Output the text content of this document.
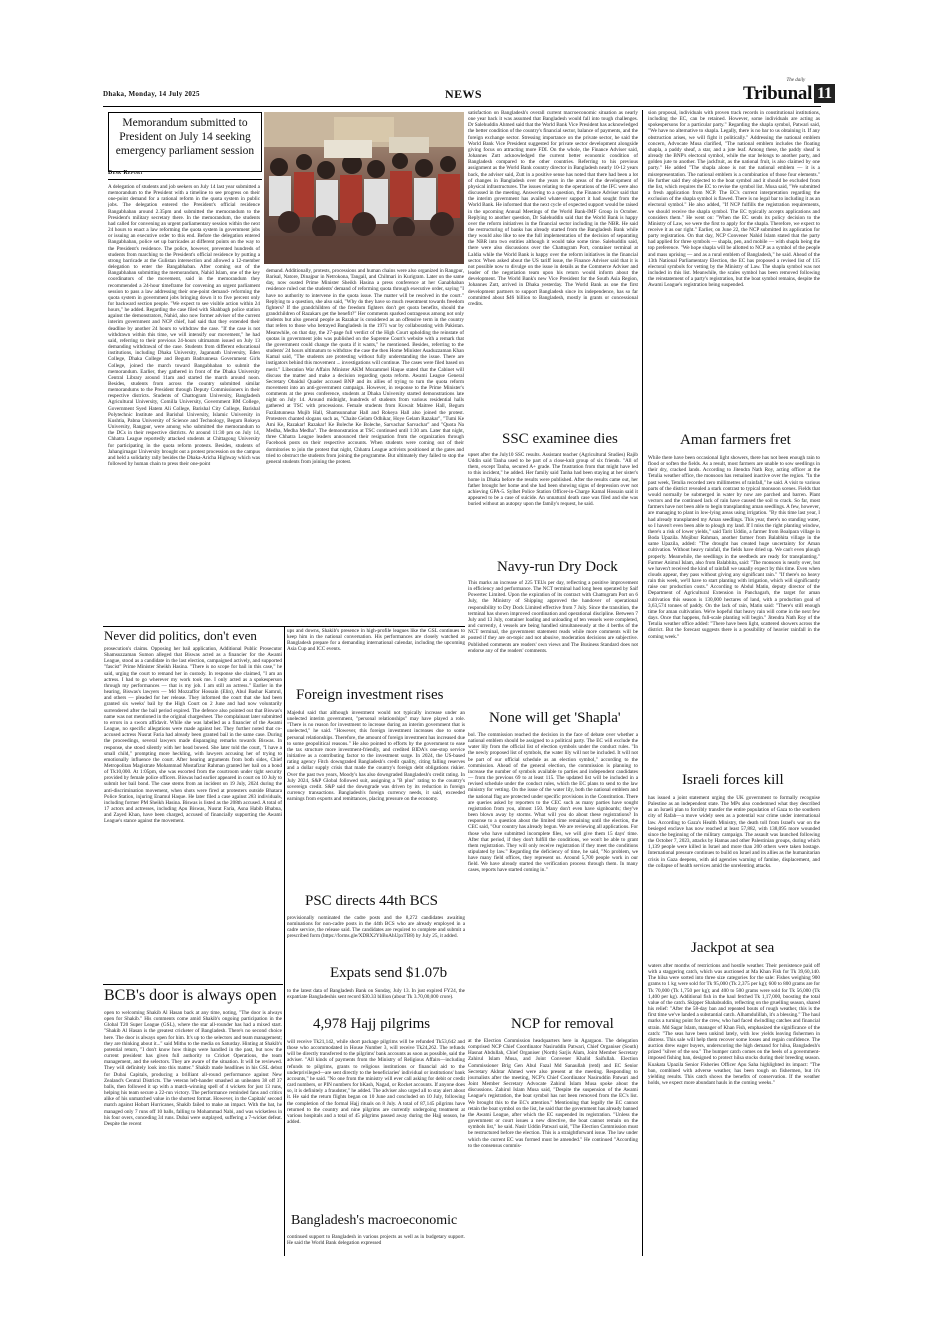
Dhaka, Monday, 14 July 2025	NEWS
The daily
Tribunal 11
Memorandum submitted to President on July 14 seeking emergency parliament session
Desk Report
A delegation of students and job seekers on July 14 last year submitted a memorandum to the President with a timeline to see progress on their one-point demand for a rational reform in the quota system in public jobs. The delegation entered the President's official residence Bangabhaban around 2.35pm and submitted the memorandum to the President's military secretary there. In the memorandum, the students had called for convening an urgent parliamentary session within the next 24 hours to enact a law reforming the quota system in government jobs or issuing an executive order to this end. Before the delegation entered Bangabhaban, police set up barricades at different points on the way to the President's residence. The police, however, prevented hundreds of students from marching to the President's official residence by putting a strong barricade at the Gulistan intersection and allowed a 12-member delegation to enter the Bangabhaban. After coming out of the Bangabhaban submitting the memorandum, Nahid Islam, one of the key coordinators of the movement, said in the memorandum they recommended a 24-hour timeframe for convening an urgent parliament session to pass a law addressing their one-point demand- reforming the quota system in government jobs bringing down it to five percent only for backward section people. "We expect to see visible action within 24 hours," he added. Regarding the case filed with Shahbagh police station against the demonstrators, Nahid, also now former adviser of the current interim government and NCP chief, had said that they extended their deadline by another 24 hours to withdraw the case. "If the case is not withdrawn within this time, we will intensify our movement," he had said, referring to their previous 24-hours ultimatum issued on July 13 demanding withdrawal of the case. Students from different educational institutions, including Dhaka University, Jagannath University, Eden College, Dhaka College and Begum Badrunnesa Government Girls College, joined the march toward Bangabhaban to submit the memorandum. Earlier, they gathered in front of the Dhaka University Central Library around 11am and started the march around noon. Besides, students from across the country submitted similar memorandums to the President through Deputy Commissioners in their respective districts. Students of Chattogram University, Bangladesh Agricultural University, Comilla University, Government BM College, Government Syed Hatem Ali College, Barishal City College, Barishal Polytechnic Institute and Barishal University, Islamic University in Kushtia, Pabna University of Science and Technology, Begum Rokeya University, Rangpur, were among who submitted the memorandum to the DCs in their respective districts. At around 11:30 pm on July 14, Chhatra League reportedly attacked students at Chittagong University for participating in the quota reform protests. Besides, students of Jahangirnagar University brought out a protest procession on the campus and held a solidarity rally besides the Dhaka-Aricha Highway which was followed by human chain to press their one-point
demand. Additionally, protests, processions and human chains were also organized in Rangpur, Barisal, Natore, Dinajpur in Netrokona, Tangail, and Chilmari in Kurigram. Later on the same day, now ousted Prime Minister Sheikh Hasina a press conference at her Ganabhaban residence ruled out the students' demand of reforming quota through executive order, saying "I have no authority to intervene in the quota issue. The matter will be resolved in the court." Replying to a question, she also said, "Why do they have so much resentment towards freedom fighters? If the grandchildren of the freedom fighters don't get quota benefits, should the grandchildren of Razakars get the benefit?" Her comments sparked outrageous among not only students but also general people as Razakar is considered as an offensive term in the country that refers to those who betrayed Bangladesh in the 1971 war by collaborating with Pakistan. Meanwhile, on that day, the 27-page full verdict of the High Court upholding the reinstate of quotas in government jobs was published on the Supreme Court's website with a remark that the government could change the quota if it wants," he mentioned. Besides, referring to the students' 24 hours ultimatum to withdraw the case the then Home Minister Asaduzzaman Khan Kamal said, "The students are protesting without fully understanding the issue. There are instigators behind this movement ... investigations will continue. The cases were filed based on merit." Liberation War Affairs Minister AKM Mozammel Haque stated that the Cabinet will discuss the matter and make a decision regarding quota reform. Awami League General Secretary Obaidul Quader accused BNP and its allies of trying to turn the quota reform movement into an anti-government campaign. However, in response to the Prime Minister's comments at the press conference, students at Dhaka University started demonstrations late night on July 14. Around midnight, hundreds of students from various residential halls gathered at TSC with processions. Female students from Kuwait Maitree Hall, Begum Fazilatunnesa Mujib Hall, Shamsunnahar Hall and Rokeya Hall also joined the protest. Protesters chanted slogans such as, "Chaite Gelam Odhikar, Hoye Gelam Razakar", "Tumi Ke Ami Ke, Razakar! Razakar! Ke Boleche Ke Boleche, Sarvachar Sarvachar" and "Quota Na Medha, Medha Medha". The demonstration at TSC continued until 1:30 am. Later that night, three Chhatra League leaders announced their resignation from the organization through Facebook posts on their respective accounts. When students were coming out of their dormitories to join the protest that night, Chhatra League activists positioned at the gates and tried to obstruct the students from joining the programme. But ultimately they failed to stop the general students from joining the protest.
Never did politics, don't even
prosecution's claims. Opposing her bail application, Additional Public Prosecutor Shamsuzzaman Sumon alleged that Biswas acted as a financier for the Awami League, stood as a candidate in the last election, campaigned actively, and supported "fascist" Prime Minister Sheikh Hasina. "There is no scope for bail in this case," he said, urging the court to remand her in custody. In response she claimed, "I am an actress. I had to go wherever my work took me. I only acted as a spokesperson through my performances — that is my job. I am still an actress." Earlier in the hearing, Biswas's lawyers — Md Mozzaffor Hossain (Elin), Abul Bashar Kamrul, and others — pleaded for her release. They informed the court that she had been granted six weeks' bail by the High Court on 2 June and had now voluntarily surrendered after the bail period expired. The defence also pointed out that Biswas's name was not mentioned in the original chargesheet. The complainant later submitted to errors in a sworn affidavit. While she was labelled as a financier of the Awami League, no specific allegations were made against her. They further noted that co-accused actress Nusrat Faria had already been granted bail in the same case. During the proceedings, several lawyers made disparaging remarks towards Biswas. In response, she stood silently with her head bowed. She later told the court, "I have a small child," prompting more heckling, with lawyers accusing her of trying to emotionally influence the court. After hearing arguments from both sides, Chief Metropolitan Magistrate Mohammad Mostafizur Rahman granted her bail on a bond of Tk10,000. At 1:05pm, she was escorted from the courtroom under tight security provided by female police officers. Biswas had earlier appeared in court on 10 July to submit her bail bond. The case stems from an incident on 19 July, 2024 during the anti-discrimination movement, when shots were fired at protesters outside Bhatara Police Station, injuring Enamul Haque. He later filed a case against 283 individuals, including former PM Sheikh Hasina. Biswas is listed as the 208th accused. A total of 17 actors and actresses, including Apu Biswas, Nusrat Faria, Asna Habib Bhabna, and Zayed Khan, have been charged, accused of financially supporting the Awami League's stance against the movement.
BCB's door is always open
open to welcoming Shakib Al Hasan back at any time, noting, "The door is always open for Shakib." His comments come amid Shakib's ongoing participation in the Global T20 Super League (GSL), where the star all-rounder has had a mixed start. "Shakib Al Hasan is the greatest cricketer of Bangladesh. There's no second choice here. The door is always open for him. It's up to the selectors and team management; they are thinking about it..." said Mithu to the media on Saturday. Hinting at Shakib's potential return, "I don't know how things were handled in the past, but now the current president has given full authority to Cricket Operations, the team management, and the selectors. They are aware of the situation. It will be reviewed. They will definitely look into this matter." Shakib made headlines in his GSL debut for Dubai Capitals, producing a brilliant all-round performance against New Zealand's Central Districts. The veteran left-hander smashed an unbeaten 38 off 37 balls, then followed it up with a match-winning spell of 4 wickets for just 13 runs, helping his team secure a 22-run victory. The performance reminded fans and critics alike of his unmatched value in the shortest format. However, in the Capitals' second match against Hobart Hurricanes, Shakib failed to make an impact. With the bat, he managed only 7 runs off 10 balls, falling to Mohammad Nabi, and was wicketless in his four overs, conceding 34 runs. Dubai were outplayed, suffering a 7-wicket defeat. Despite the recent
ups and downs, Shakib's presence in high-profile leagues like the GSL continues to keep him in the national conversation. His performances are closely watched as Bangladesh prepare for a demanding international calendar, including the upcoming Asia Cup and ICC events.
Foreign investment rises
Majedul said that although investment would not typically increase under an unelected interim government, "personal relationships" may have played a role. "There is no reason for investment to increase during an interim government that is unelected," he said. "However, this foreign investment increases due to some personal relationships. Therefore, the amount of foreign investment has increased due to some geopolitical reasons." He also pointed to efforts by the government to ease the tax structure more investment-friendly, and credited BIDA's one-stop service initiative as a contributing factor to the investment surge. In 2024, the US-based rating agency Fitch downgraded Bangladesh's credit quality, citing falling reserves and a dollar supply crisis that made the country's foreign debt obligations riskier. Over the past two years, Moody's has also downgraded Bangladesh's credit rating. In July 2024, S&P Global followed suit, assigning a "B plus" rating to the country's sovereign credit. S&P said the downgrade was driven by its reduction in foreign currency transactions. Bangladesh's foreign currency needs, it said, exceeded earnings from exports and remittances, placing pressure on the economy.
PSC directs 44th BCS
provisionally nominated the cadre posts and the 8,272 candidates awaiting nominations for non-cadre posts in the 44th BCS who are already employed in a cadre service, the release said. The candidates are required to complete and submit a prescribed form (https://forms.gle/XDRX2YbBoAhUpxTB8) by July 25, it added.
Expats send $1.07b
to the latest data of Bangladesh Bank on Sunday, July 13. In just expired FY24, the expatriate Bangladeshis sent record $30.33 billion (about Tk 3.70,00,000 crore).
4,978 Hajj pilgrims
will receive Tk21,142, while short package pilgrims will be refunded Tk53,642 and those who accommodated in House Number 3, will receive Tk24,262. The refunds will be directly transferred to the pilgrims' bank accounts as soon as possible, said the adviser. "All kinds of payments from the Ministry of Religious Affairs—including refunds to pilgrims, grants to religious institutions or financial aid to the underprivileged—are sent directly to the beneficiaries' individual or institutions' bank accounts," he said. "No one from the ministry will ever call asking for debit or credit card numbers, or PIN numbers for bKash, Nagad, or Rocket accounts. If anyone does so, it is definitely a fraudster," he added. The adviser also urged all to stay alert about it. He said the return flights began on 10 June and concluded on 10 July, following the completion of the formal Hajj rituals on 8 July. A total of 87,145 pilgrims have returned to the country and nine pilgrims are currently undergoing treatment at various hospitals and a total of 45 pilgrims passed away during the Hajj season, he added.
Bangladesh's macroeconomic
continued support to Bangladesh in various projects as well as in budgetary support. He said the World Bank delegation expressed
satisfaction on Bangladesh's overall current macroeconomic situation as nearly one year back it was assumed that Bangladesh would fall into tough challenges. Dr Salehuddin Ahmed said that the World Bank Vice President has acknowledged the better condition of the country's financial sector, balance of payments, and the foreign exchange sector. Stressing importance on the private sector, he said the World Bank Vice President suggested for private sector development alongside giving focus on attracting more FDI. On the whole, the Finance Adviser said, Johannes Zutt acknowledged the current better economic condition of Bangladesh compared to the other countries. Referring to his previous assignment as the World Bank country director in Bangladesh nearly 10-12 years back, the adviser said, Zutt in a positive sense has noted that there had been a lot of changes in Bangladesh over the years in the areas of the development of physical infrastructures. The issues relating to the operations of the IFC were also discussed in the meeting. Answering to a question, the Finance Adviser said that the interim government has availed whatever support it had sought from the World Bank. He informed that the next cycle of expected support would be raised in the upcoming Annual Meetings of the World Bank-IMF Group in October. Replying to another question, Dr Salehuddin said that the World Bank is happy over the reform initiatives in the financial sector including in the NBR. He said the restructuring of banks has already started from the Bangladesh Bank while they would also like to see the full implementation of the decision of separating the NBR into two entities although it would take some time. Salehuddin said, there were also discussions over the Chattogram Port, container terminal at Laldia while the World Bank is happy over the reform initiatives in the financial sector. When asked about the US tariff issue, the Finance Adviser said that it is not possible now to divulge on the issue in details as the Commerce Adviser and leader of the negotiation team upon his return would inform about the development. The World Bank's new Vice President for the South Asia Region, Johannes Zutt, arrived in Dhaka yesterday. The World Bank as one the first development partners to support Bangladesh since its independence, has so far committed about $46 billion to Bangladesh, mostly in grants or concessional credits.
SSC examinee dies
upset after the July10 SSC results. Assistant teacher (Agricultural Studies) Rajib Uddin said Tanha used to be part of a close-knit group of six friends. "All of them, except Tanha, secured A+ grade. The frustration from that might have led to this incident," he added. Her family said Tanha had been staying at her sister's home in Dhaka before the results were published. After the results came out, her father brought her home and she had been showing signs of depression over not achieving GPA-5. Sylhet Police Station Officer-in-Charge Kamal Hossain said it appeared to be a case of suicide. An unnatural death case was filed and she was buried without an autopsy upon the family's request, he said.
Navy-run Dry Dock
This marks an increase of 225 TEUs per day, reflecting a positive improvement in efficiency and performance. The NCT terminal had long been operated by Saif Powertec Limited. Upon the expiration of its contract with Chattogram Port on 6 July, the Ministry of Shipping approved the handover of operational responsibility to Dry Dock Limited effective from 7 July. Since the transition, the terminal has shown improved coordination and operational discipline. Between 7 July and 13 July, container loading and unloading of ten vessels were completed, and currently, 4 vessels are being handled simultaneously at the 4 berths of the NCT terminal, the government statement reads while more comments will be posted if they are on-topic and not abusive, moderation decisions are subjective. Published comments are readers' own views and The Business Standard does not endorse any of the readers' comments.
None will get 'Shapla'
bol. The commission reached the decision in the face of debate over whether a national emblem should be assigned to a political party. The EC will exclude the water lily from the official list of election symbols under the conduct rules. "In the newly proposed list of symbols, the water lily will not be included. It will not be part of our official schedule as an election symbol," according to the commission. Ahead of the general election, the commission is planning to increase the number of symbols available to parties and independent candidates — from the previous 69 to at least 115. The updated list will be included in a revised schedule under the conduct rules, which the EC plans to send to the law ministry for vetting. On the issue of the water lily, both the national emblem and the national flag are protected under specific provisions in the Constitution. There are queries asked by reporters to the CEC such as many parties have sought registration from you, almost 150. Many don't even have signboards; they've been blown away by storms. What will you do about these registrations? In response to a question about the limited time remaining until the election, the CEC said, "Our country has already begun. We are reviewing all applications. For those who have submitted incomplete files, we will give them 15 days' time. After that period, if they don't fulfill the conditions, we won't be able to grant them registration. They will only receive registration if they meet the conditions stipulated by law." Regarding the deficiency of time, he said, "No problem, we have many field offices, they represent us. Around 5,700 people work in our field. We have already started the verification process through them. In many cases, reports have started coming in."
NCP for removal
at the Election Commission headquarters here in Agargaon. The delegation comprised NCP Chief Coordinator Nasiruddin Patwari, Chief Organiser (South) Hasnat Abdullah, Chief Organiser (North) Sarjis Alam, Joint Member Secretary Zahirul Islam Musa, and Joint Convener Khalid Saifullah. Election Commissioner Brig Gen Abul Fazal Md Sanaullah (retd) and EC Senior Secretary Akhtar Ahmed were also present at the meeting. Responding to journalists after the meeting, NCP's Chief Coordinator Nasiruddin Patwari and Joint Member Secretary Advocate Zahirul Islam Musa spoke about the discussions. Zahirul Islam Musa said, "Despite the suspension of the Awami League's registration, the boat symbol has not been removed from the EC's list. We brought this to the EC's attention." Mentioning that legally the EC cannot retain the boat symbol on the list, he said that the government has already banned the Awami League, after which the EC suspended its registration. "Unless the government or court issues a new directive, the boat cannot remain on the symbols list," he said. Nasir Uddin Patwari said, "The Election Commission must be restructured before the election. This is a straightforward issue. The law under which the current EC was formed must be amended." He continued "According to the consensus commis-
sion proposal, individuals with proven track records in constitutional institutions, including the EC, can be retained. However, some individuals are acting as spokespersons for a particular party." Regarding the shapla symbol, Patwari said, "We have no alternative to shapla. Legally, there is no bar to us obtaining it. If any obstruction arises, we will fight it politically." Addressing the national emblem concern, Advocate Musa clarified, "The national emblem includes the floating shapla, a paddy sheaf, a star, and a jute leaf. Among these, the paddy sheaf is already the BNP's electoral symbol, while the star belongs to another party, and golden jute to another. The jackfruit, as the national fruit, is also claimed by one party." He added "The shapla alone is not the national emblem — it is a misrepresentation. The national emblem is a combination of those four elements." He further said they objected to the boat symbol and it should be excluded from the list, which requires the EC to revise the symbol list. Musa said, "We submitted a fresh application from NCP. The EC's current interpretation regarding the exclusion of the shapla symbol is flawed. There is no legal bar to including it as an electoral symbol." He also added, "If NCP fulfills the registration requirements, we should receive the shapla symbol. The EC typically accepts applications and considers them." He went on: "When the EC sends its policy decision to the Ministry of Law, we were the first to apply for the shapla. Therefore, we expect to receive it as our right." Earlier, on June 22, the NCP submitted its application for party registration. On that day, NCP Convener Nahid Islam stated that the party had applied for three symbols — shapla, pen, and mobile — with shapla being the top preference. "We hope shapla will be allotted to NCP as a symbol of the people and mass uprising — and as a rural emblem of Bangladesh," he said. Ahead of the 13th National Parliamentary Election, the EC has proposed a revised list of 115 electoral symbols for vetting by the Ministry of Law. The shapla symbol was not included in this list. Meanwhile, the scales symbol has been removed following the reinstatement of a party's registration, but the boat symbol remains, despite the Awami League's registration being suspended.
Aman farmers fret
While there have been occasional light showers, there has not been enough rain to flood or soften the fields. As a result, most farmers are unable to sow seedlings in their dry, cracked lands. According to Jitendra Nath Roy, acting officer at the Tetulia weather office, the monsoon has remained inactive over the region. "In the past week, Tetulia recorded zero millimetres of rainfall," he said. A visit to various parts of the district revealed a stark contrast to typical monsoon scenes. Fields that would normally be submerged in water by now are parched and barren. Plant vectors and the continued lack of rain have caused the soil to crack. So far, most farmers have not been able to begin transplanting aman seedlings. A few, however, are managing to plant in low-lying areas using irrigation. "By this time last year, I had already transplanted my Aman seedlings. This year, there's no standing water, so I haven't even been able to plough my land. If I miss the right planting window, there's a risk of lower yields," said Tarit Uddin, a farmer from Boalpara village in Boda Upazila. Mojibur Rahman, another farmer from Balabhita village in the same Upazila, added: "The drought has created huge uncertainty for Aman cultivation. Without heavy rainfall, the fields have dried up. We can't even plough properly. Meanwhile, the seedlings in the seedbeds are ready for transplanting." Farmer Animul Islam, also from Balabhita, said: "The monsoon is nearly over, but we haven't received the kind of rainfall we usually expect by this time. Even when clouds appear, they pass without giving any significant rain." "If there's no heavy rain this week, we'll have to start planting with irrigation, which will significantly raise our production costs." According to Abdul Matin, deputy director of the Department of Agricultural Extension in Panchagarh, the target for aman cultivation this season is 130,000 hectares of land, with a production goal of 3,63,574 tonnes of paddy. On the lack of rain, Matin said: "There's still enough time for aman cultivation. We're hopeful that heavy rain will come in the next few days. Once that happens, full-scale planting will begin." Jitendra Nath Roy of the Tetulia weather office added: "There have been light, scattered showers across the district. But the forecast suggests there is a possibility of heavier rainfall in the coming week."
Israeli forces kill
has issued a joint statement urging the UK government to formally recognise Palestine as an independent state. The MPs also condemned what they described as an Israeli plan to forcibly transfer the entire population of Gaza to the southern city of Rafah—a move widely seen as a potential war crime under international law. According to Gaza's Health Ministry, the death toll from Israel's war on the besieged enclave has now reached at least 57,882, with 138,095 more wounded since the beginning of the military campaign. The assault was launched following the October 7, 2023, attacks by Hamas and other Palestinian groups, during which 1,139 people were killed in Israel and more than 200 others were taken hostage. International pressure continues to build on Israel and its allies as the humanitarian crisis in Gaza deepens, with aid agencies warning of famine, displacement, and the collapse of health services amid the unrelenting attacks.
Jackpot at sea
waters after months of restrictions and hostile weather. Their persistence paid off with a staggering catch, which was auctioned at Ma Khan Fish for Tk 39,60,140. The hilsa were sorted into three size categories for the sale: Fishes weighing 900 grams to 1 kg were sold for Tk 95,000 (Tk 2,375 per kg); 600 to 800 grams are for Tk 70,000 (Tk 1,750 per kg); and 400 to 500 grams were sold for Tk 56,000 (Tk 1,400 per kg). Additional fish in the haul fetched Tk 1,17,000, boosting the total value of the catch. Skipper Shahabuddin, reflecting on the gruelling season, shared his relief: "After the 58-day ban and repeated bouts of rough weather, this is the first time we've landed a substantial catch. Alhamdulillah, it's a blessing." The haul marks a turning point for the crew, who had faced dwindling catches and financial strain. Md Sagar Islam, manager of Khan Fish, emphasized the significance of the catch: "The seas have been unkind lately, with low yields leaving fishermen in distress. This sale will help them recover some losses and regain confidence. The auction drew eager buyers, underscoring the high demand for hilsa, Bangladesh's prized "silver of the sea." The bumper catch comes on the heels of a government-imposed fishing ban, designed to protect hilsa stocks during their breeding season. Kuakata Upazila Senior Fisheries Officer Apu Saha highlighted its impact: "The ban, combined with adverse weather, has been tough on fishermen, but it's yielding results. This catch shows the benefits of conservation. If the weather holds, we expect more abundant hauls in the coming weeks."
